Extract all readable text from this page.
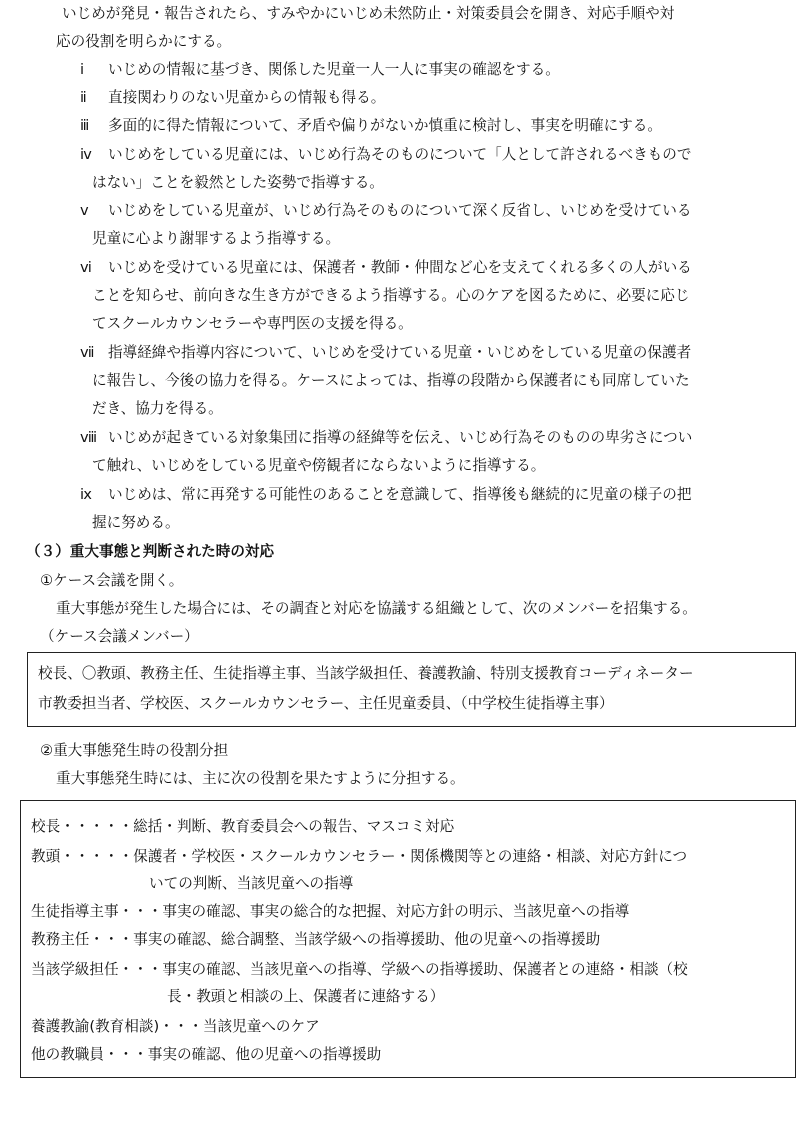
いじめが発見・報告されたら、すみやかにいじめ未然防止・対策委員会を開き、対応手順や対
応の役割を明らかにする。
ⅰ いじめの情報に基づき、関係した児童一人一人に事実の確認をする。
ⅱ 直接関わりのない児童からの情報も得る。
ⅲ 多面的に得た情報について、矛盾や偏りがないか慎重に検討し、事実を明確にする。
ⅳ いじめをしている児童には、いじめ行為そのものについて「人として許されるべきもので
はない」ことを毅然とした姿勢で指導する。
ⅴ いじめをしている児童が、いじめ行為そのものについて深く反省し、いじめを受けている
児童に心より謝罪するよう指導する。
ⅵ いじめを受けている児童には、保護者・教師・仲間など心を支えてくれる多くの人がいる
ことを知らせ、前向きな生き方ができるよう指導する。心のケアを図るために、必要に応じ
てスクールカウンセラーや専門医の支援を得る。
ⅶ 指導経緯や指導内容について、いじめを受けている児童・いじめをしている児童の保護者
に報告し、今後の協力を得る。ケースによっては、指導の段階から保護者にも同席していた
だき、協力を得る。
ⅷ いじめが起きている対象集団に指導の経緯等を伝え、いじめ行為そのものの卑劣さについ
て触れ、いじめをしている児童や傍観者にならないように指導する。
ⅸ いじめは、常に再発する可能性のあることを意識して、指導後も継続的に児童の様子の把
握に努める。
（３）重大事態と判断された時の対応
①ケース会議を開く。
重大事態が発生した場合には、その調査と対応を協議する組織として、次のメンバーを招集する。
（ケース会議メンバー）
校長、〇教頭、教務主任、生徒指導主事、当該学級担任、養護教諭、特別支援教育コーディネーター
市教委担当者、学校医、スクールカウンセラー、主任児童委員、（中学校生徒指導主事）
②重大事態発生時の役割分担
重大事態発生時には、主に次の役割を果たすように分担する。
校長・・・・・総括・判断、教育委員会への報告、マスコミ対応
教頭・・・・・保護者・学校医・スクールカウンセラー・関係機関等との連絡・相談、対応方針につ
いての判断、当該児童への指導
生徒指導主事・・・事実の確認、事実の総合的な把握、対応方針の明示、当該児童への指導
教務主任・・・事実の確認、総合調整、当該学級への指導援助、他の児童への指導援助
当該学級担任・・・事実の確認、当該児童への指導、学級への指導援助、保護者との連絡・相談（校
長・教頭と相談の上、保護者に連絡する）
養護教諭(教育相談)・・・当該児童へのケア
他の教職員・・・事実の確認、他の児童への指導援助
